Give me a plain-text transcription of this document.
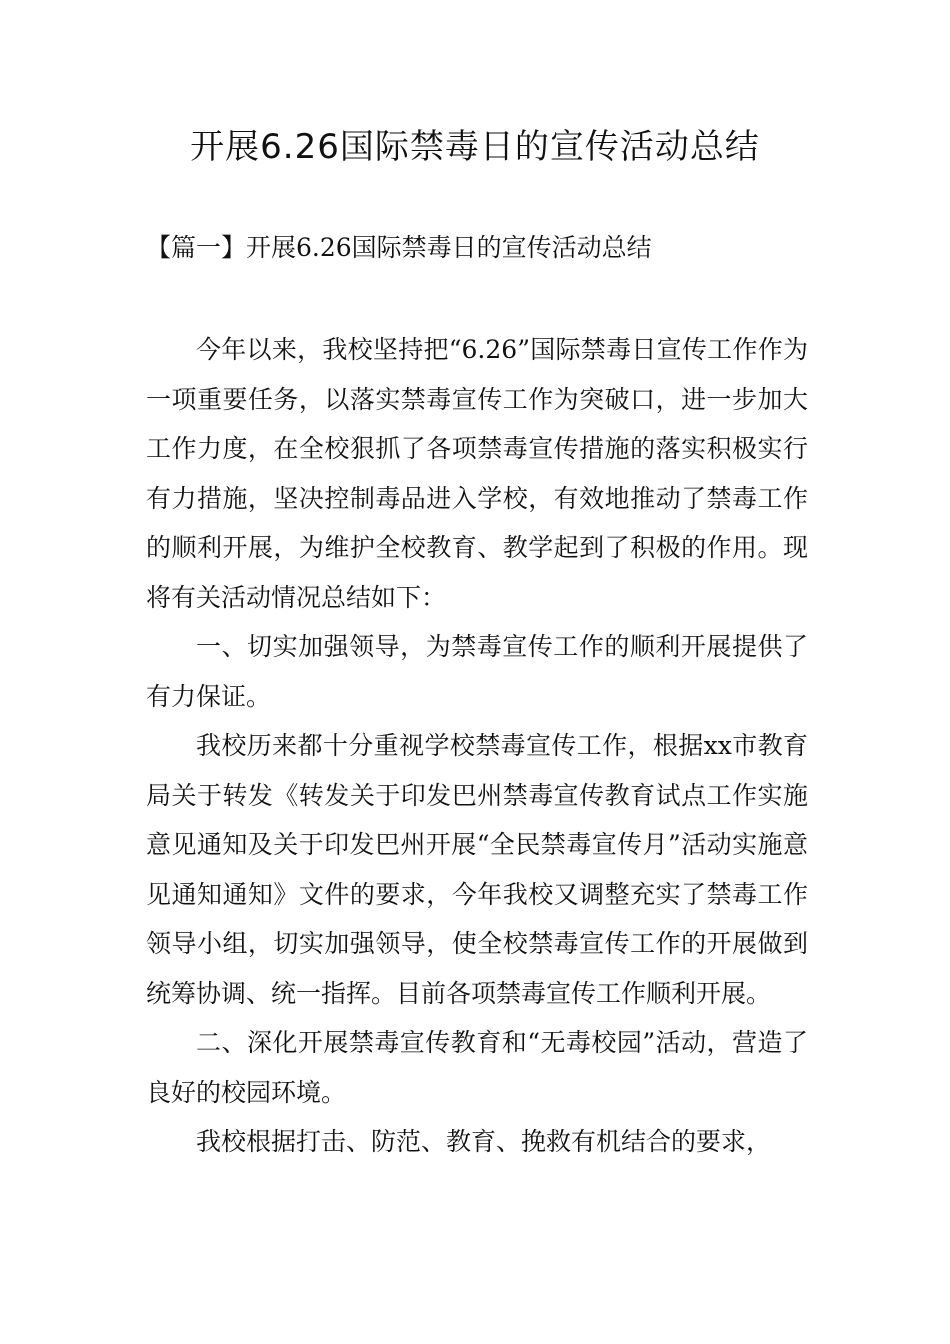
开展6.26国际禁毒日的宣传活动总结
【篇一】开展6.26国际禁毒日的宣传活动总结

今年以来，我校坚持把“6.26”国际禁毒日宣传工作作为一项重要任务，以落实禁毒宣传工作为突破口，进一步加大工作力度，在全校狠抓了各项禁毒宣传措施的落实积极实行有力措施，坚决控制毒品进入学校，有效地推动了禁毒工作的顺利开展，为维护全校教育、教学起到了积极的作用。现将有关活动情况总结如下：

一、切实加强领导，为禁毒宣传工作的顺利开展提供了有力保证。

我校历来都十分重视学校禁毒宣传工作，根据xx市教育局关于转发《转发关于印发巴州禁毒宣传教育试点工作实施意见通知及关于印发巴州开展“全民禁毒宣传月”活动实施意见通知通知》文件的要求，今年我校又调整充实了禁毒工作领导小组，切实加强领导，使全校禁毒宣传工作的开展做到统筹协调、统一指挥。目前各项禁毒宣传工作顺利开展。

二、深化开展禁毒宣传教育和“无毒校园”活动，营造了良好的校园环境。

我校根据打击、防范、教育、挽救有机结合的要求，
